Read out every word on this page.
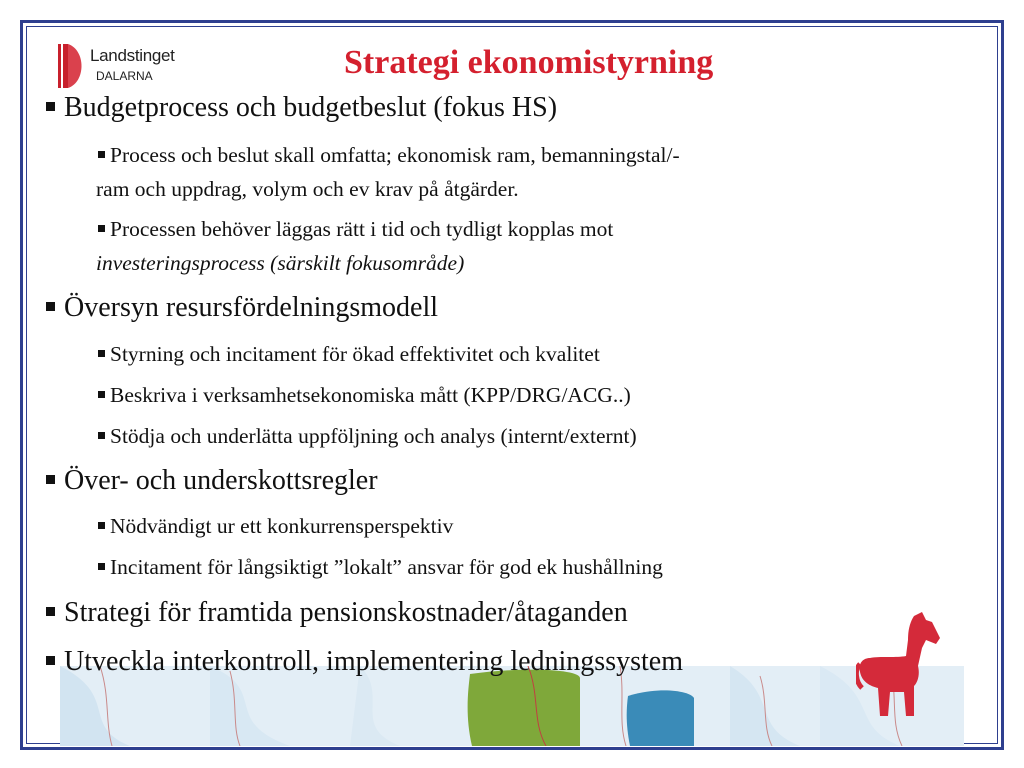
Landstinget
DALARNA	Strategi ekonomistyrning
Budgetprocess och budgetbeslut (fokus HS)
Process och beslut skall omfatta; ekonomisk ram, bemanningstal/-
ram och uppdrag, volym och ev krav på åtgärder.
Processen behöver läggas rätt i tid och tydligt kopplas mot
investeringsprocess (särskilt fokusområde)
Översyn resursfördelningsmodell
Styrning och incitament för ökad effektivitet och kvalitet
Beskriva i verksamhetsekonomiska mått (KPP/DRG/ACG..)
Stödja och underlätta uppföljning och analys (internt/externt)
Över- och underskottsregler
Nödvändigt ur ett konkurrensperspektiv
Incitament för långsiktigt ”lokalt” ansvar för god ek hushållning
Strategi för framtida pensionskostnader/åtaganden
Utveckla interkontroll, implementering ledningssystem
